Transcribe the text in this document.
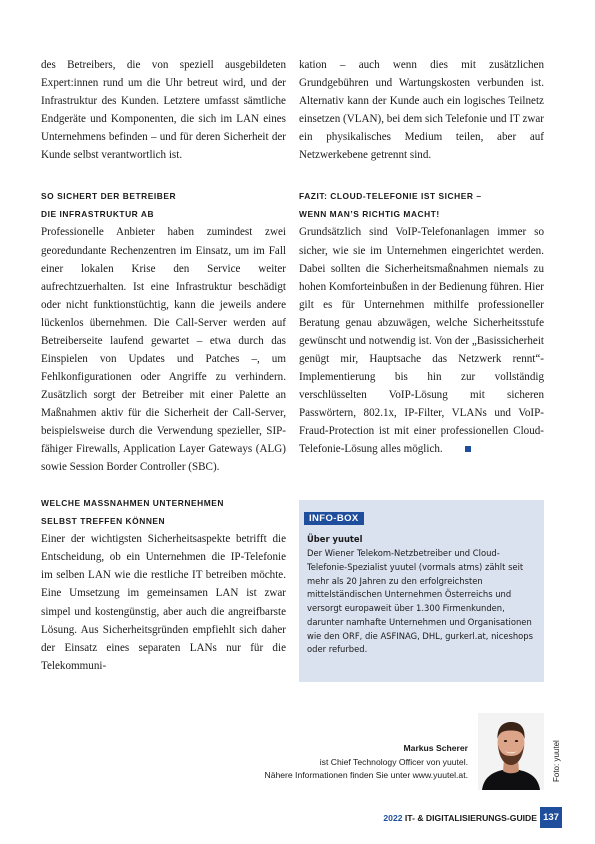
des Betreibers, die von speziell ausgebildeten Expert:innen rund um die Uhr betreut wird, und der Infrastruktur des Kunden. Letztere umfasst sämtliche Endgeräte und Komponenten, die sich im LAN eines Unternehmens befinden – und für deren Sicherheit der Kunde selbst verantwortlich ist.

SO SICHERT DER BETREIBER
DIE INFRASTRUKTUR AB

Professionelle Anbieter haben zumindest zwei georedundante Rechenzentren im Einsatz, um im Fall einer lokalen Krise den Service weiter aufrechtzuerhalten. Ist eine Infrastruktur beschädigt oder nicht funktionstüchtig, kann die jeweils andere lückenlos übernehmen. Die Call-Server werden auf Betreiberseite laufend gewartet – etwa durch das Einspielen von Updates und Patches –, um Fehlkonfigurationen oder Angriffe zu verhindern. Zusätzlich sorgt der Betreiber mit einer Palette an Maßnahmen aktiv für die Sicherheit der Call-Server, beispielsweise durch die Verwendung spezieller, SIP-fähiger Firewalls, Application Layer Gateways (ALG) sowie Session Border Controller (SBC).

WELCHE MASSNAHMEN UNTERNEHMEN
SELBST TREFFEN KÖNNEN

Einer der wichtigsten Sicherheitsaspekte betrifft die Entscheidung, ob ein Unternehmen die IP-Telefonie im selben LAN wie die restliche IT betreiben möchte. Eine Umsetzung im gemeinsamen LAN ist zwar simpel und kostengünstig, aber auch die angreifbarste Lösung. Aus Sicherheitsgründen empfiehlt sich daher der Einsatz eines separaten LANs nur für die Telekommuni-

kation – auch wenn dies mit zusätzlichen Grundgebühren und Wartungskosten verbunden ist. Alternativ kann der Kunde auch ein logisches Teilnetz einsetzen (VLAN), bei dem sich Telefonie und IT zwar ein physikalisches Medium teilen, aber auf Netzwerkebene getrennt sind.

FAZIT: CLOUD-TELEFONIE IST SICHER –
WENN MAN’S RICHTIG MACHT!

Grundsätzlich sind VoIP-Telefonanlagen immer so sicher, wie sie im Unternehmen eingerichtet werden. Dabei sollten die Sicherheitsmaßnahmen niemals zu hohen Komforteinbußen in der Bedienung führen. Hier gilt es für Unternehmen mithilfe professioneller Beratung genau abzuwägen, welche Sicherheitsstufe gewünscht und notwendig ist. Von der „Basissicherheit genügt mir, Hauptsache das Netzwerk rennt“-Implementierung bis hin zur vollständig verschlüsselten VoIP-Lösung mit sicheren Passwörtern, 802.1x, IP-Filter, VLANs und VoIP-Fraud-Protection ist mit einer professionellen Cloud-Telefonie-Lösung alles möglich.

INFO-BOX
Über yuutel
Der Wiener Telekom-Netzbetreiber und Cloud-Telefonie-Spezialist yuutel (vormals atms) zählt seit mehr als 20 Jahren zu den erfolgreichsten mittelständischen Unternehmen Österreichs und versorgt europaweit über 1.300 Firmenkunden, darunter namhafte Unternehmen und Organisationen wie den ORF, die ASFINAG, DHL, gurkerl.at, niceshops oder refurbed.
Markus Scherer
ist Chief Technology Officer von yuutel.
Nähere Informationen finden Sie unter www.yuutel.at.	Foto: yuutel
2022 IT- & DIGITALISIERUNGS-GUIDE 137
